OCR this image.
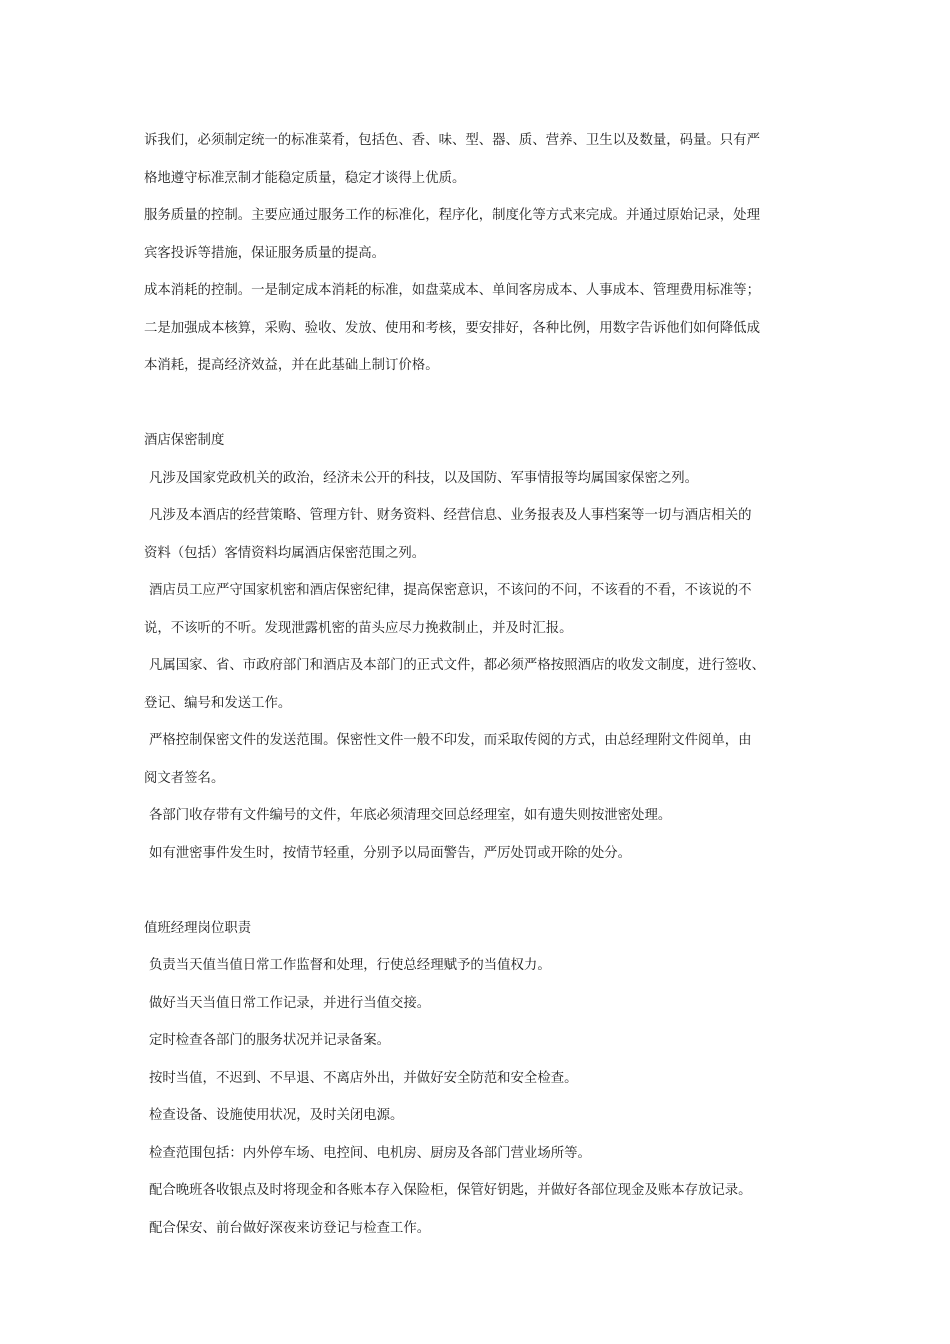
诉我们，必须制定统一的标准菜肴，包括色、香、味、型、器、质、营养、卫生以及数量，码量。只有严

格地遵守标准烹制才能稳定质量，稳定才谈得上优质。

服务质量的控制。主要应通过服务工作的标准化，程序化，制度化等方式来完成。并通过原始记录，处理

宾客投诉等措施，保证服务质量的提高。

成本消耗的控制。一是制定成本消耗的标准，如盘菜成本、单间客房成本、人事成本、管理费用标准等；

二是加强成本核算，采购、验收、发放、使用和考核，要安排好，各种比例，用数字告诉他们如何降低成

本消耗，提高经济效益，并在此基础上制订价格。

酒店保密制度

凡涉及国家党政机关的政治，经济未公开的科技，以及国防、军事情报等均属国家保密之列。

凡涉及本酒店的经营策略、管理方针、财务资料、经营信息、业务报表及人事档案等一切与酒店相关的

资料（包括）客情资料均属酒店保密范围之列。

酒店员工应严守国家机密和酒店保密纪律，提高保密意识，不该问的不问，不该看的不看，不该说的不

说，不该听的不听。发现泄露机密的苗头应尽力挽救制止，并及时汇报。

凡属国家、省、市政府部门和酒店及本部门的正式文件，都必须严格按照酒店的收发文制度，进行签收、

登记、编号和发送工作。

严格控制保密文件的发送范围。保密性文件一般不印发，而采取传阅的方式，由总经理附文件阅单，由

阅文者签名。

各部门收存带有文件编号的文件，年底必须清理交回总经理室，如有遗失则按泄密处理。

如有泄密事件发生时，按情节轻重，分别予以局面警告，严厉处罚或开除的处分。

值班经理岗位职责

负责当天值当值日常工作监督和处理，行使总经理赋予的当值权力。

做好当天当值日常工作记录，并进行当值交接。

定时检查各部门的服务状况并记录备案。

按时当值，不迟到、不早退、不离店外出，并做好安全防范和安全检查。

检查设备、设施使用状况，及时关闭电源。

检查范围包括：内外停车场、电控间、电机房、厨房及各部门营业场所等。

配合晚班各收银点及时将现金和各账本存入保险柜，保管好钥匙，并做好各部位现金及账本存放记录。

配合保安、前台做好深夜来访登记与检查工作。
